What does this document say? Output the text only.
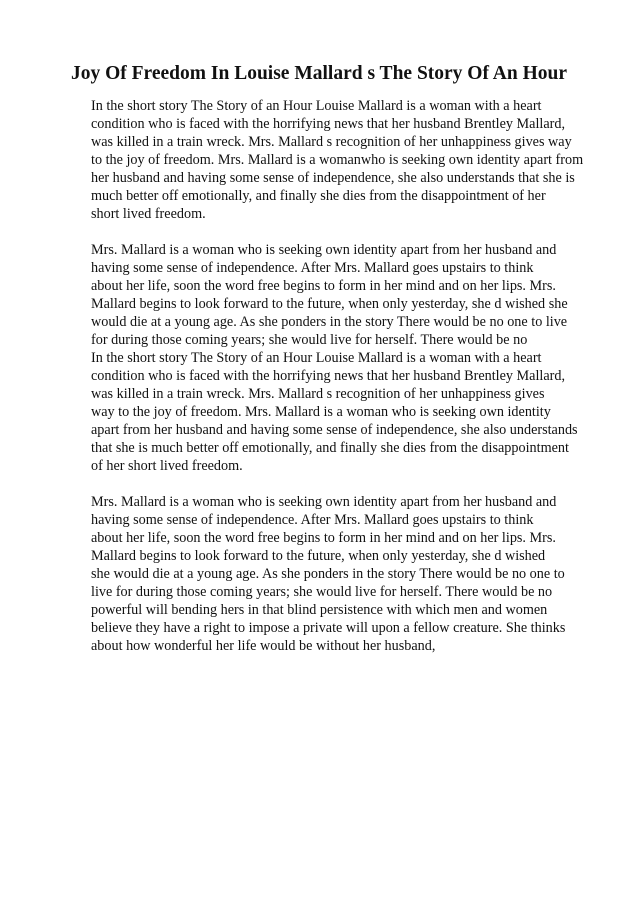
Joy Of Freedom In Louise Mallard s The Story Of An Hour

In the short story The Story of an Hour Louise Mallard is a woman with a heart
condition who is faced with the horrifying news that her husband Brentley Mallard,
was killed in a train wreck. Mrs. Mallard s recognition of her unhappiness gives way
to the joy of freedom. Mrs. Mallard is a womanwho is seeking own identity apart from
her husband and having some sense of independence, she also understands that she is
much better off emotionally, and finally she dies from the disappointment of her
short lived freedom.

Mrs. Mallard is a woman who is seeking own identity apart from her husband and
having some sense of independence. After Mrs. Mallard goes upstairs to think
about her life, soon the word free begins to form in her mind and on her lips. Mrs.
Mallard begins to look forward to the future, when only yesterday, she d wished she
would die at a young age. As she ponders in the story There would be no one to live
for during those coming years; she would live for herself. There would be no
In the short story The Story of an Hour Louise Mallard is a woman with a heart
condition who is faced with the horrifying news that her husband Brentley Mallard,
was killed in a train wreck. Mrs. Mallard s recognition of her unhappiness gives
way to the joy of freedom. Mrs. Mallard is a woman who is seeking own identity
apart from her husband and having some sense of independence, she also understands
that she is much better off emotionally, and finally she dies from the disappointment
of her short lived freedom.

Mrs. Mallard is a woman who is seeking own identity apart from her husband and
having some sense of independence. After Mrs. Mallard goes upstairs to think
about her life, soon the word free begins to form in her mind and on her lips. Mrs.
Mallard begins to look forward to the future, when only yesterday, she d wished
she would die at a young age. As she ponders in the story There would be no one to
live for during those coming years; she would live for herself. There would be no
powerful will bending hers in that blind persistence with which men and women
believe they have a right to impose a private will upon a fellow creature. She thinks
about how wonderful her life would be without her husband,
